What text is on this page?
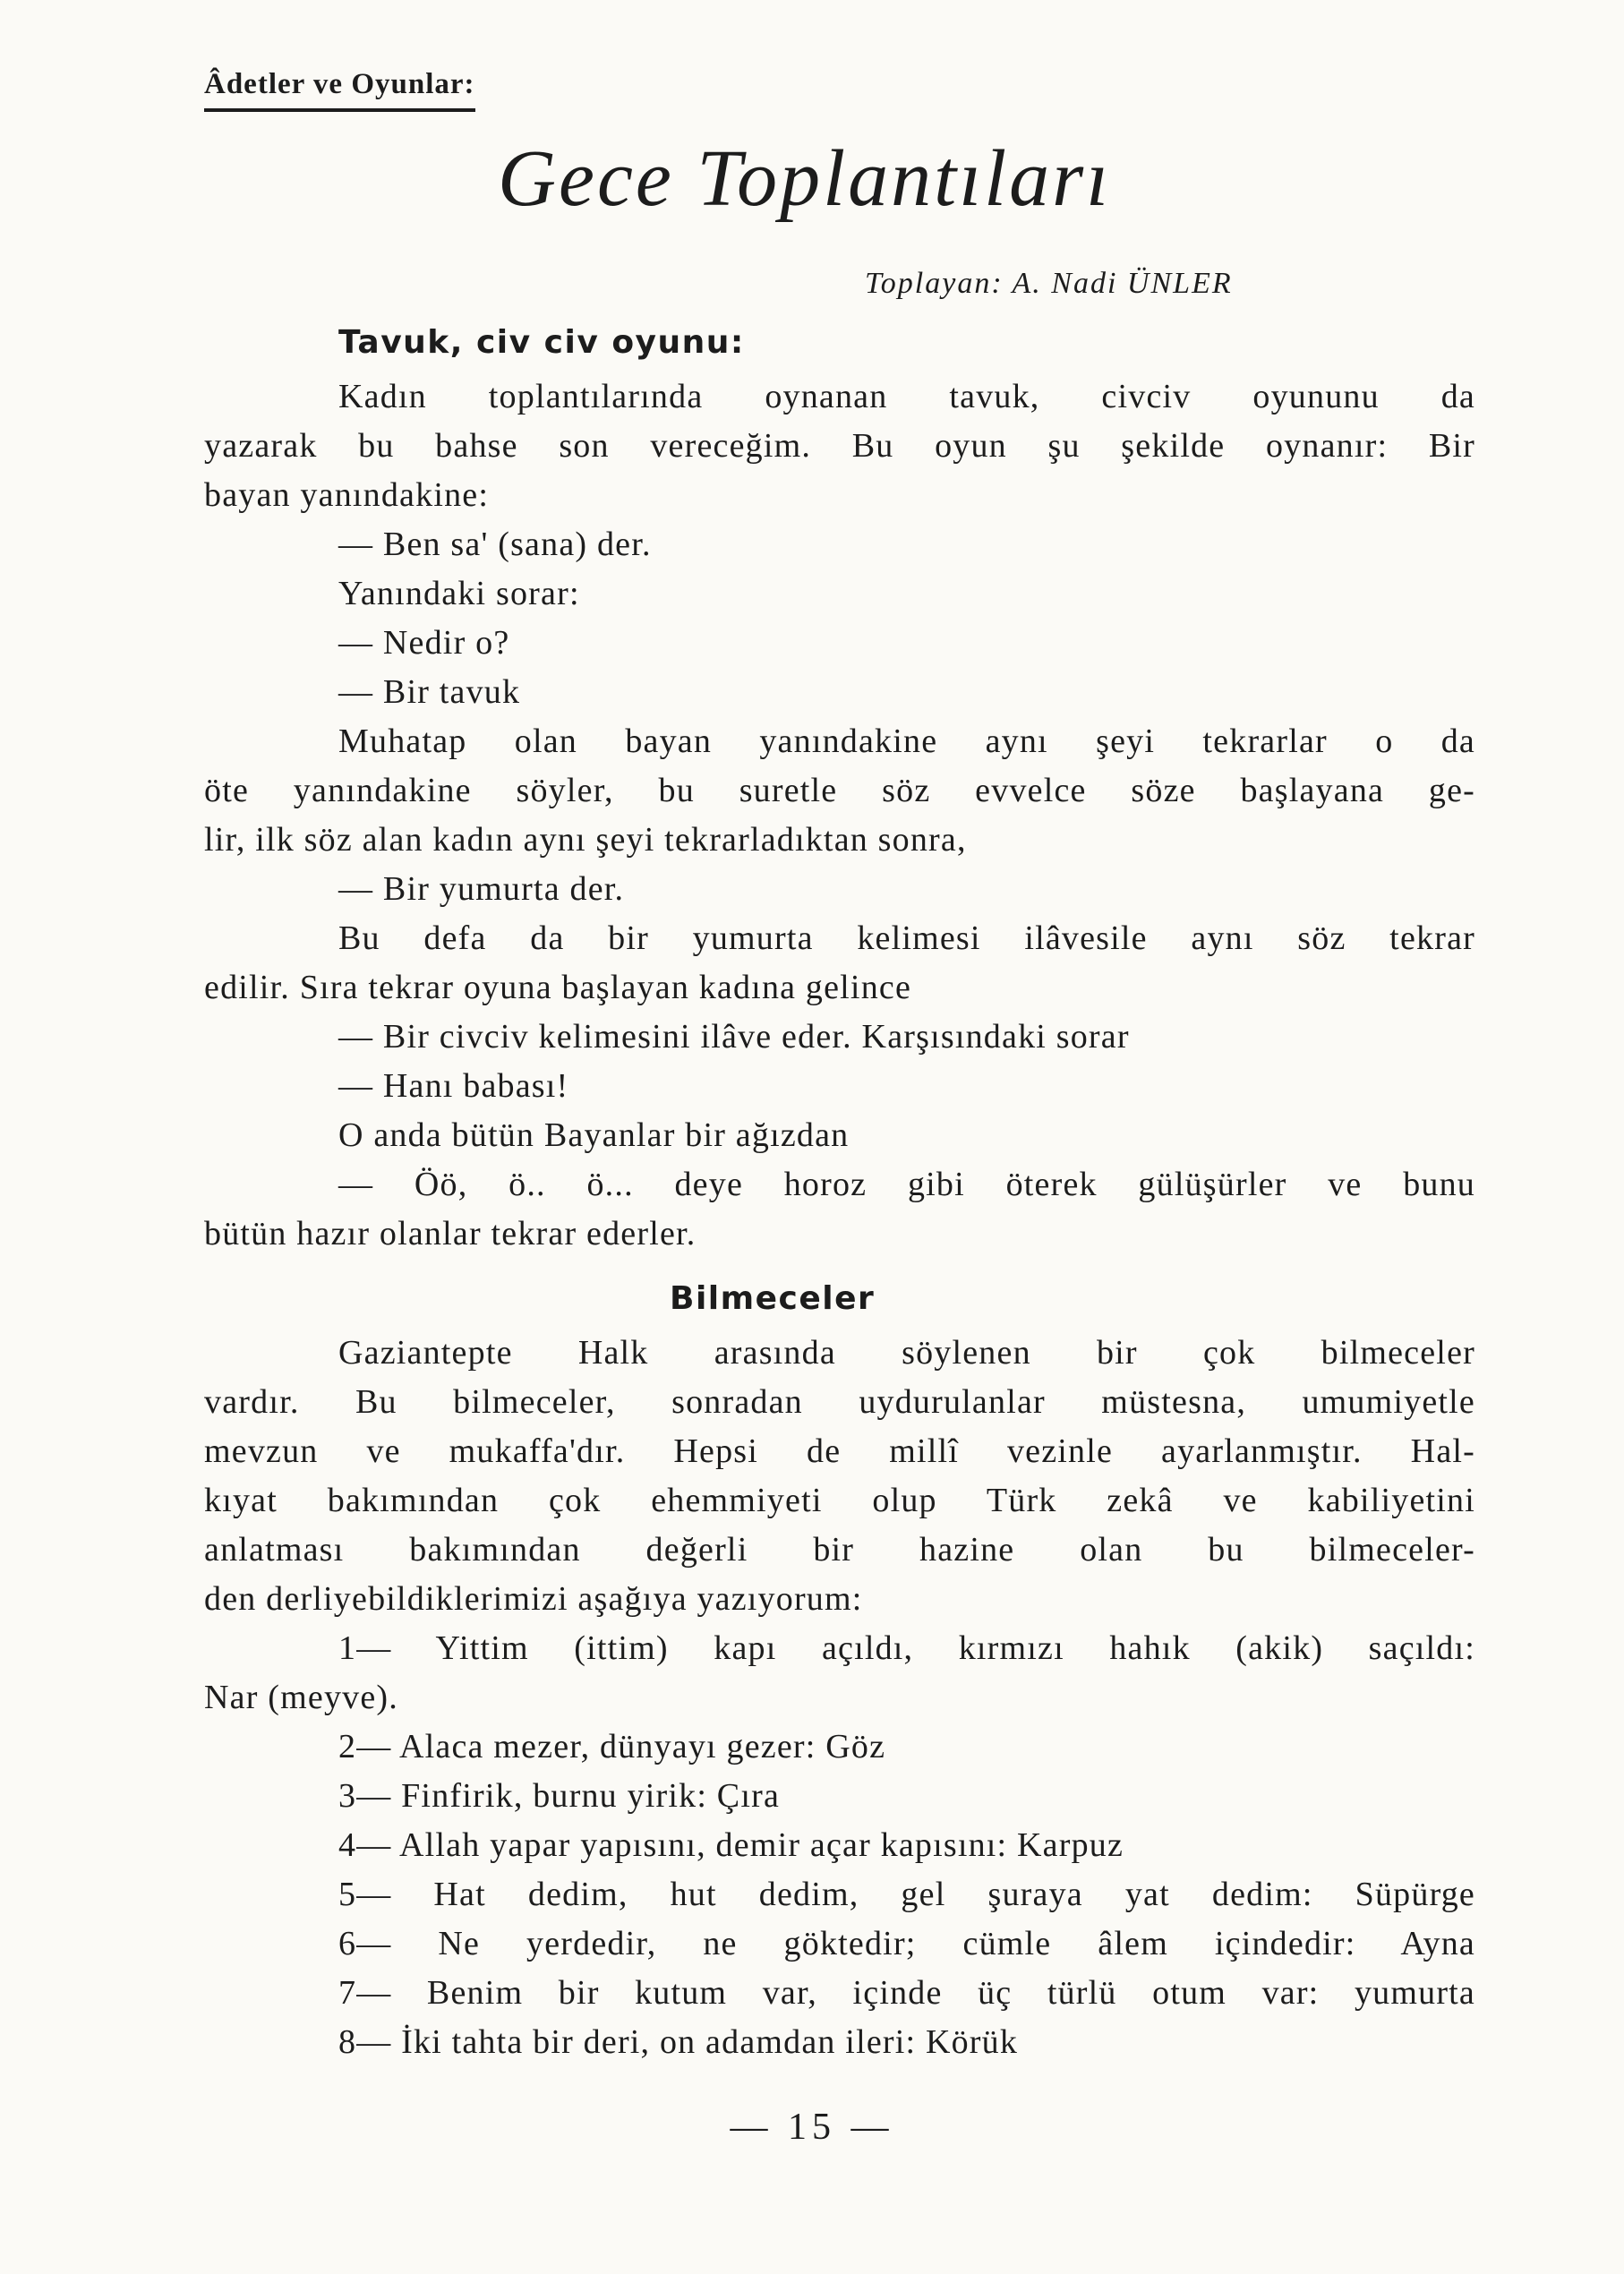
Âdetler ve Oyunlar:
Gece Toplantıları
Toplayan: A. Nadi ÜNLER
Tavuk, civ civ oyunu:
Kadın toplantılarında oynanan tavuk, civciv oyununu da
yazarak bu bahse son vereceğim. Bu oyun şu şekilde oynanır: Bir
bayan yanındakine:
— Ben sa' (sana) der.
Yanındaki sorar:
— Nedir o?
— Bir tavuk
Muhatap olan bayan yanındakine aynı şeyi tekrarlar o da
öte yanındakine söyler, bu suretle söz evvelce söze başlayana ge-
lir, ilk söz alan kadın aynı şeyi tekrarladıktan sonra,
— Bir yumurta der.
Bu defa da bir yumurta kelimesi ilâvesile aynı söz tekrar
edilir. Sıra tekrar oyuna başlayan kadına gelince
— Bir civciv kelimesini ilâve eder. Karşısındaki sorar
— Hanı babası!
O anda bütün Bayanlar bir ağızdan
— Öö, ö.. ö... deye horoz gibi öterek gülüşürler ve bunu
bütün hazır olanlar tekrar ederler.
Bilmeceler
Gaziantepte Halk arasında söylenen bir çok bilmeceler
vardır. Bu bilmeceler, sonradan uydurulanlar müstesna, umumiyetle
mevzun ve mukaffa'dır. Hepsi de millî vezinle ayarlanmıştır. Hal-
kıyat bakımından çok ehemmiyeti olup Türk zekâ ve kabiliyetini
anlatması bakımından değerli bir hazine olan bu bilmeceler-
den derliyebildiklerimizi aşağıya yazıyorum:
1— Yittim (ittim) kapı açıldı, kırmızı hahık (akik) saçıldı:
Nar (meyve).
2— Alaca mezer, dünyayı gezer: Göz
3— Finfirik, burnu yirik: Çıra
4— Allah yapar yapısını, demir açar kapısını: Karpuz
5— Hat dedim, hut dedim, gel şuraya yat dedim: Süpürge
6— Ne yerdedir, ne göktedir; cümle âlem içindedir: Ayna
7— Benim bir kutum var, içinde üç türlü otum var: yumurta
8— İki tahta bir deri, on adamdan ileri: Körük
— 15 —
